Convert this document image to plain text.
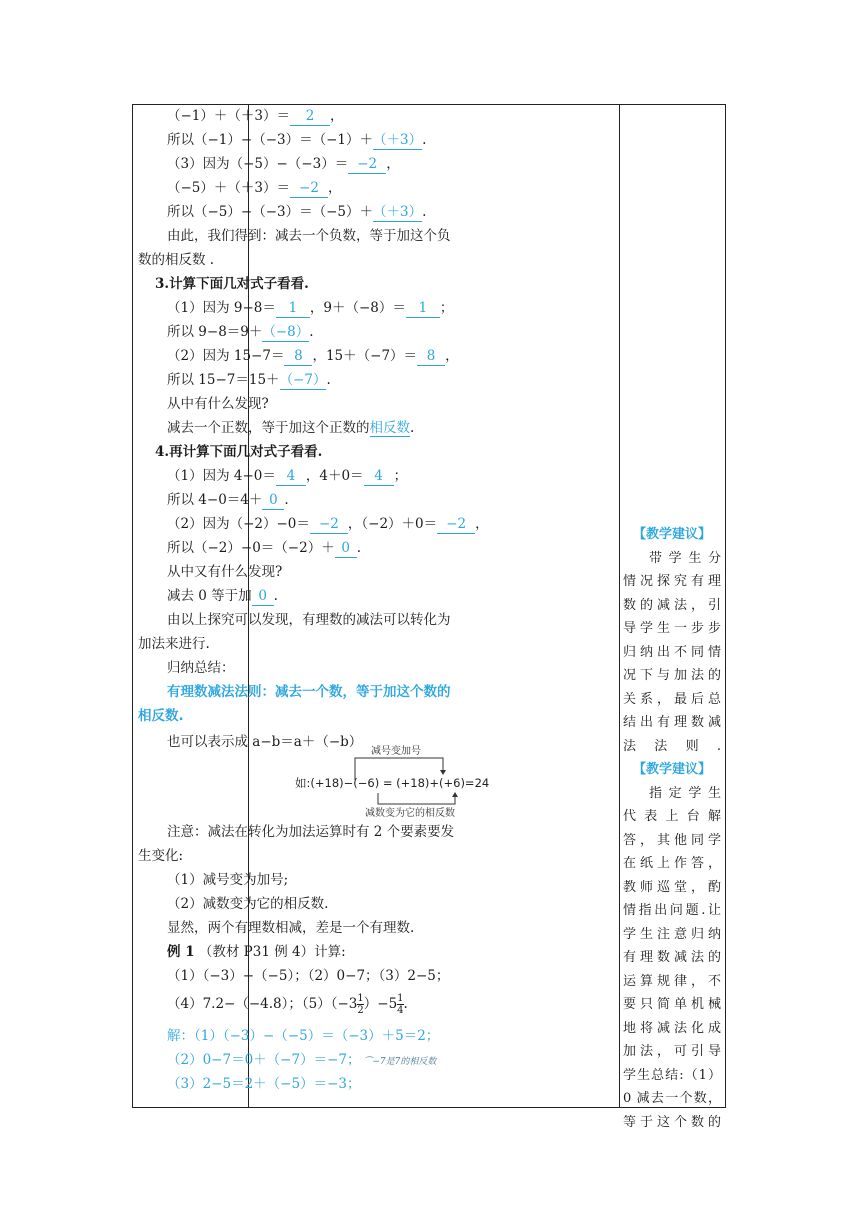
（−1）＋（＋3）＝ 2 ，
所以（−1）−（−3）＝（−1）＋（＋3）.
（3）因为（−5）−（−3）＝ −2 ，
（−5）＋（＋3）＝ −2 ，
所以（−5）−（−3）＝（−5）＋（＋3）.
由此，我们得到：减去一个负数，等于加这个负
数的相反数 .
3.计算下面几对式子看看.
（1）因为 9−8＝ 1 ，9＋（−8）＝ 1 ；
所以 9−8＝9＋（−8）.
（2）因为 15−7＝ 8 ，15＋（−7）＝ 8 ，
所以 15−7＝15＋（−7）.
从中有什么发现?
减去一个正数，等于加这个正数的相反数.
4.再计算下面几对式子看看.
（1）因为 4−0＝ 4 ，4＋0＝ 4 ；
所以 4−0＝4＋ 0 .
（2）因为（−2）−0＝ −2 ，（−2）＋0＝ −2 ，
所以（−2）−0＝（−2）＋ 0 .
从中又有什么发现?
减去 0 等于加 0 .
由以上探究可以发现，有理数的减法可以转化为
加法来进行.
归纳总结：
有理数减法法则：减去一个数，等于加这个数的
相反数.
也可以表示成 a−b＝a＋（−b）
注意：减法在转化为加法运算时有 2 个要素要发
生变化:
（1）减号变为加号;
（2）减数变为它的相反数.
显然，两个有理数相减，差是一个有理数.
例 1 （教材 P31 例 4）计算:
（1）（−3）−（−5）；（2）0−7；（3）2−5；
（4）7.2−（−4.8）；$(5)(-3 \frac{1}{2} )-5 \frac{1}{4}$ .
解：（1）（−3）−（−5）＝（−3）＋5＝2；
（2）0−7＝0＋（−7）＝−7； ⌒−7是7的相反数
（3）2−5＝2＋（−5）＝−3；
减号变加号
如:(+18)−(−6) = (+18)+(+6)=24
减数变为它的相反数
【教学建议】
带学生分
情况探究有理
数的减法，引
导学生一步步
归纳出不同情
况下与加法的
关系，最后总
结出有理数减
法法则.
【教学建议】
指定学生
代表上台解
答，其他同学
在纸上作答，
教师巡堂，酌
情指出问题.让
学生注意归纳
有理数减法的
运算规律，不
要只简单机械
地将减法化成
加法，可引导
学生总结:（1）
0 减去一个数，
等于这个数的
